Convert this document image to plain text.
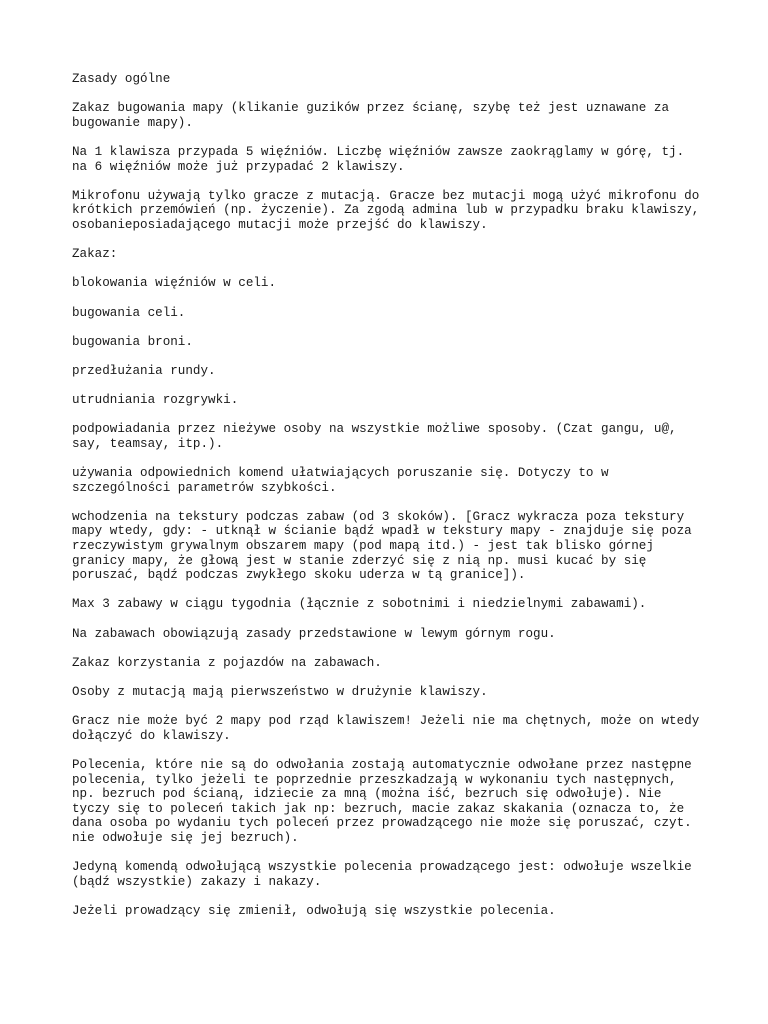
Zasady ogólne

Zakaz bugowania mapy (klikanie guzików przez ścianę, szybę też jest uznawane za
bugowanie mapy).

Na 1 klawisza przypada 5 więźniów. Liczbę więźniów zawsze zaokrąglamy w górę, tj.
na 6 więźniów może już przypadać 2 klawiszy.

Mikrofonu używają tylko gracze z mutacją. Gracze bez mutacji mogą użyć mikrofonu do
krótkich przemówień (np. życzenie). Za zgodą admina lub w przypadku braku klawiszy,
osobanieposiadającego mutacji może przejść do klawiszy.

Zakaz:

blokowania więźniów w celi.

bugowania celi.

bugowania broni.

przedłużania rundy.

utrudniania rozgrywki.

podpowiadania przez nieżywe osoby na wszystkie możliwe sposoby. (Czat gangu, u@,
say, teamsay, itp.).

używania odpowiednich komend ułatwiających poruszanie się. Dotyczy to w
szczególności parametrów szybkości.

wchodzenia na tekstury podczas zabaw (od 3 skoków). [Gracz wykracza poza tekstury
mapy wtedy, gdy: - utknął w ścianie bądź wpadł w tekstury mapy - znajduje się poza
rzeczywistym grywalnym obszarem mapy (pod mapą itd.) - jest tak blisko górnej
granicy mapy, że głową jest w stanie zderzyć się z nią np. musi kucać by się
poruszać, bądź podczas zwykłego skoku uderza w tą granice]).

Max 3 zabawy w ciągu tygodnia (łącznie z sobotnimi i niedzielnymi zabawami).

Na zabawach obowiązują zasady przedstawione w lewym górnym rogu.

Zakaz korzystania z pojazdów na zabawach.

Osoby z mutacją mają pierwszeństwo w drużynie klawiszy.

Gracz nie może być 2 mapy pod rząd klawiszem! Jeżeli nie ma chętnych, może on wtedy
dołączyć do klawiszy.

Polecenia, które nie są do odwołania zostają automatycznie odwołane przez następne
polecenia, tylko jeżeli te poprzednie przeszkadzają w wykonaniu tych następnych,
np. bezruch pod ścianą, idziecie za mną (można iść, bezruch się odwołuje). Nie
tyczy się to poleceń takich jak np: bezruch, macie zakaz skakania (oznacza to, że
dana osoba po wydaniu tych poleceń przez prowadzącego nie może się poruszać, czyt.
nie odwołuje się jej bezruch).

Jedyną komendą odwołującą wszystkie polecenia prowadzącego jest: odwołuje wszelkie
(bądź wszystkie) zakazy i nakazy.

Jeżeli prowadzący się zmienił, odwołują się wszystkie polecenia.
